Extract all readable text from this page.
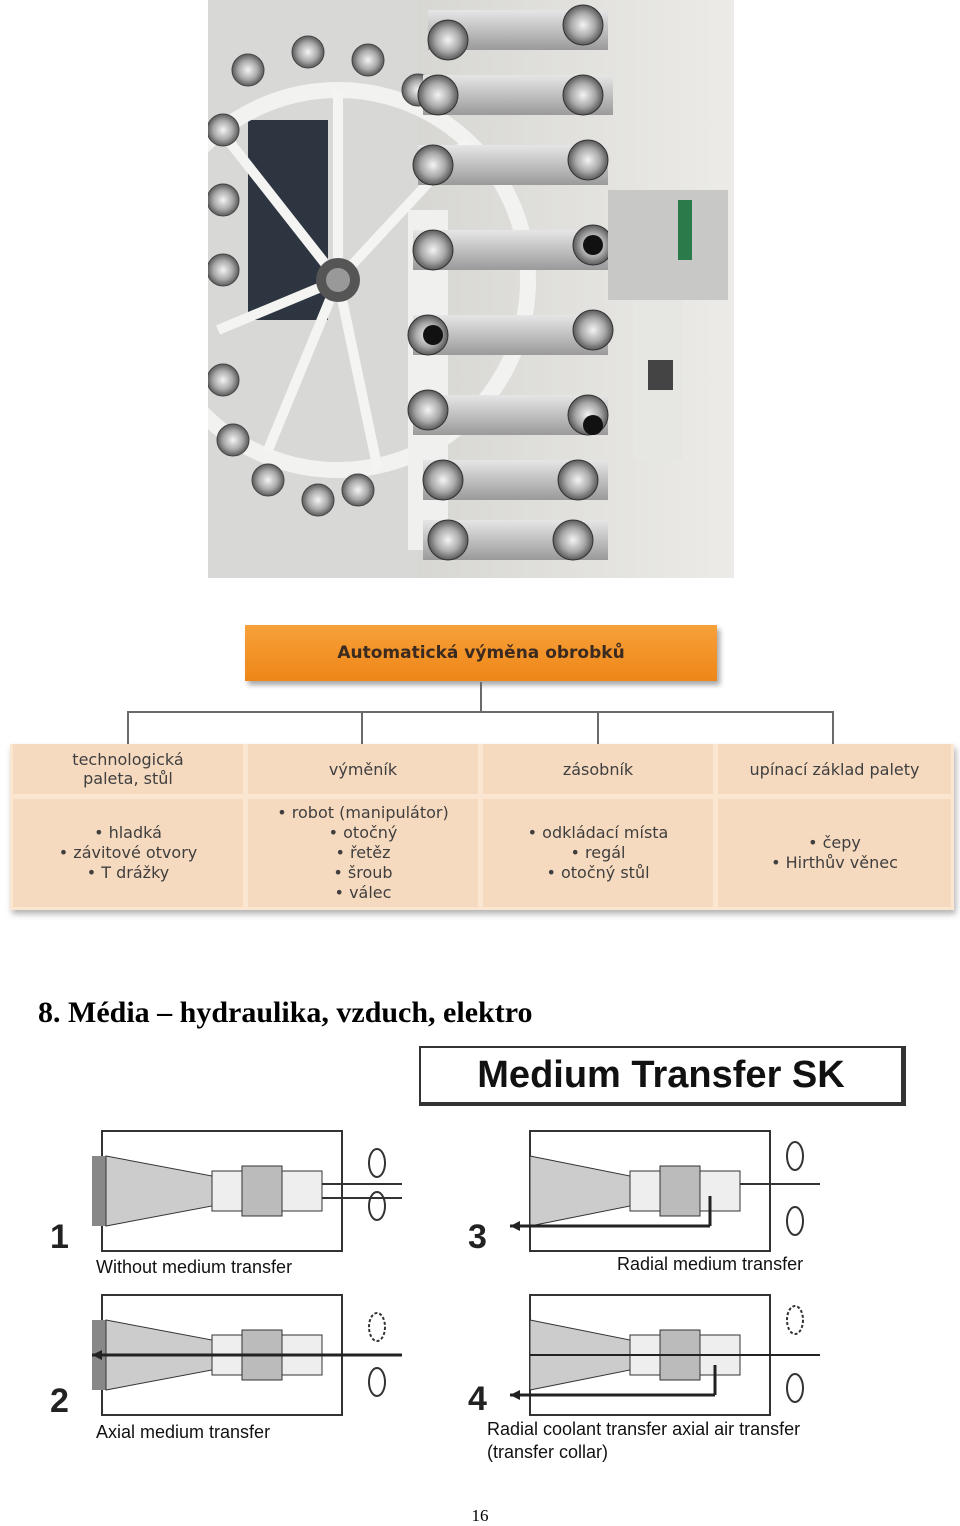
Automatická výměna obrobků
technologická
paleta, stůl
• hladká
• závitové otvory
• T drážky
výměník
• robot (manipulátor)
• otočný
• řetěz
• šroub
• válec
zásobník
• odkládací místa
• regál
• otočný stůl
upínací základ palety
• čepy
• Hirthův věnec
8. Média – hydraulika, vzduch, elektro
Medium Transfer SK
1
2
3
4
Without medium transfer
Axial medium transfer
Radial medium transfer
Radial coolant transfer axial air transfer
(transfer collar)
16
